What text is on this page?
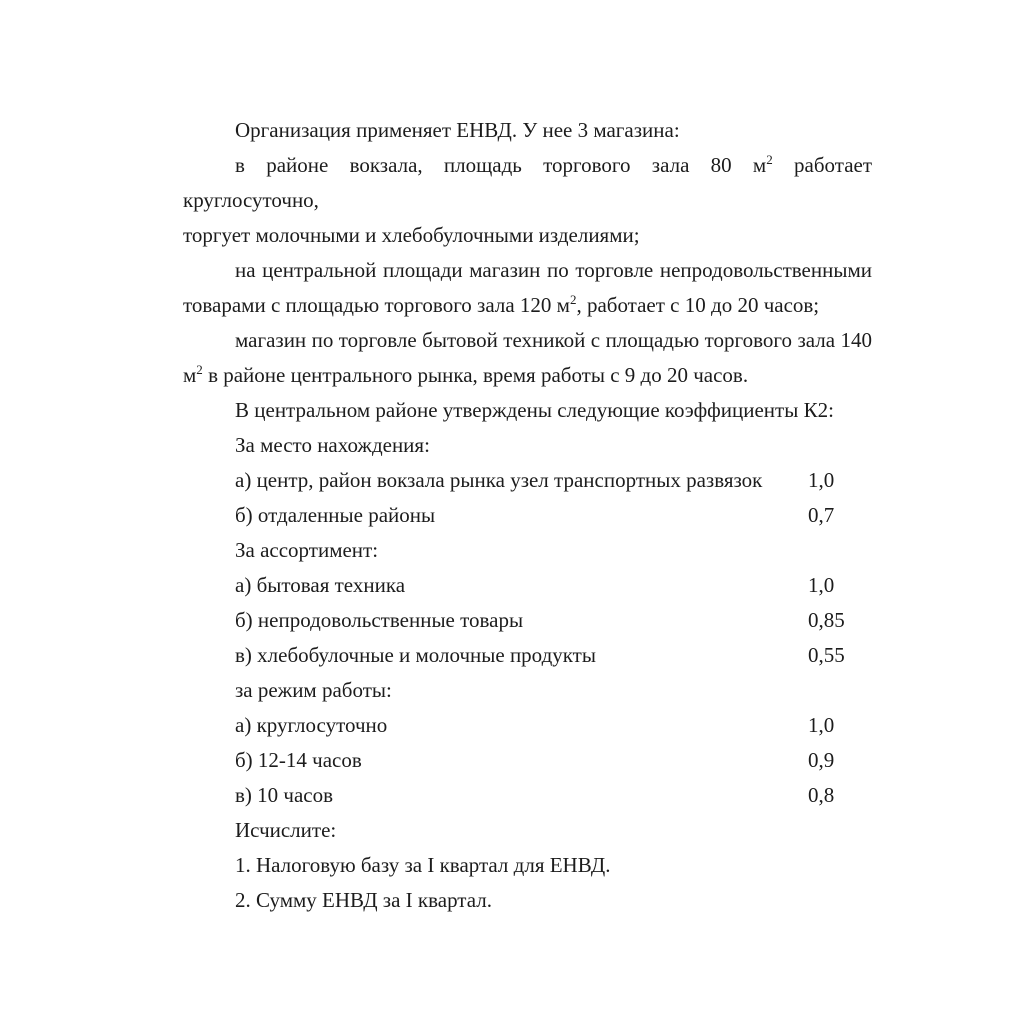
Организация применяет ЕНВД. У нее 3 магазина:
в районе вокзала, площадь торгового зала 80 $м^2$ работает круглосуточно,
торгует молочными и хлебобулочными изделиями;
на центральной площади магазин по торговле непродовольственными
товарами с площадью торгового зала 120 $м^2$, работает с 10 до 20 часов;
магазин по торговле бытовой техникой с площадью торгового зала 140
$м^2$ в районе центрального рынка, время работы с 9 до 20 часов.
В центральном районе утверждены следующие коэффициенты К2:
За место нахождения:
а) центр, район вокзала рынка узел транспортных развязок 1,0
б) отдаленные районы	0,7
За ассортимент:
а) бытовая техника	1,0
б) непродовольственные товары	0,85
в) хлебобулочные и молочные продукты	0,55
за режим работы:
а) круглосуточно	1,0
б) 12-14 часов	0,9
в) 10 часов	0,8
Исчислите:
1. Налоговую базу за I квартал для ЕНВД.
2. Сумму ЕНВД за I квартал.
